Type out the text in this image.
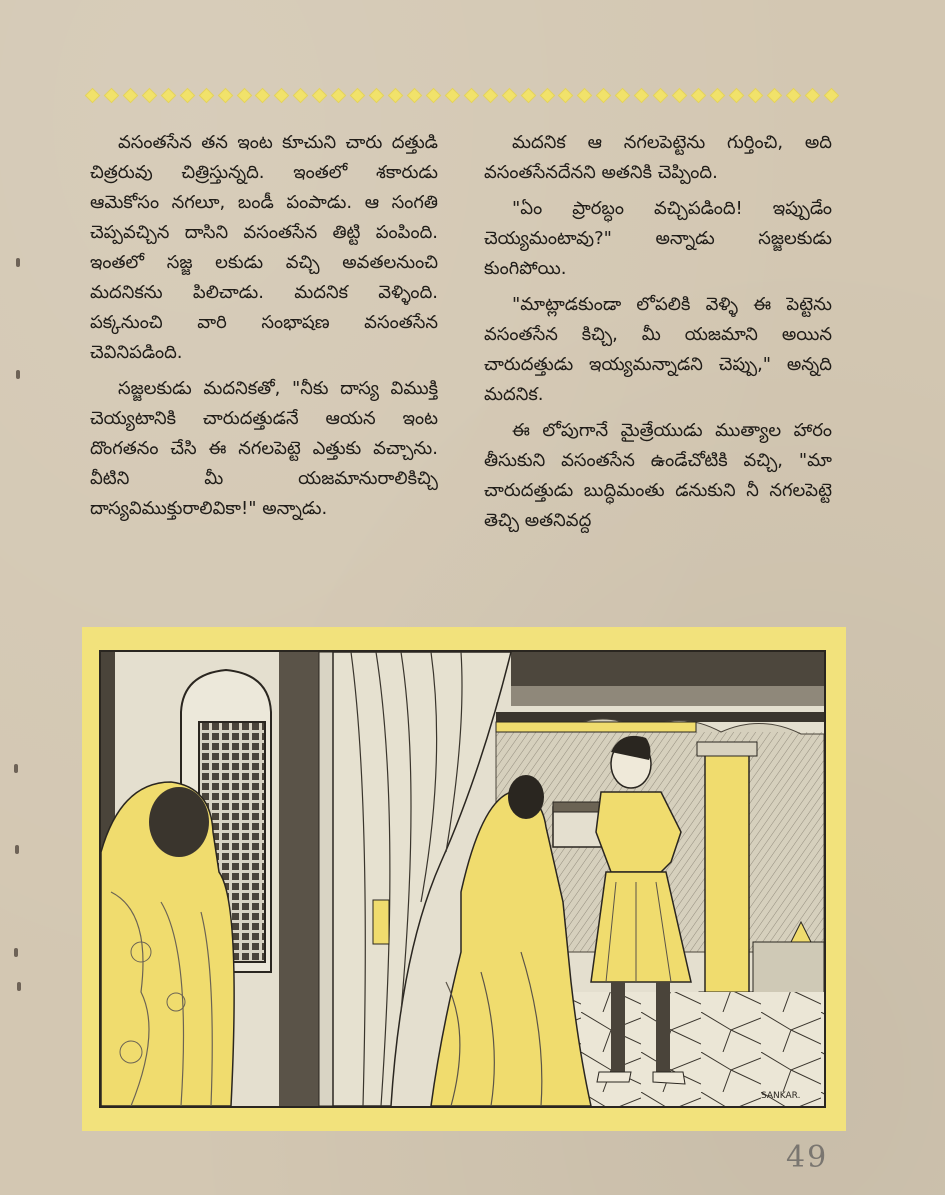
వసంతసేన తన ఇంట కూచుని చారు దత్తుడి చిత్రరువు చిత్రిస్తున్నది. ఇంతలో శకారుడు ఆమెకోసం నగలూ, బండీ పంపాడు. ఆ సంగతి చెప్పవచ్చిన దాసిని వసంతసేన తిట్టి పంపింది. ఇంతలో సజ్జ లకుడు వచ్చి అవతలనుంచి మదనికను పిలిచాడు. మదనిక వెళ్ళింది. పక్కనుంచి వారి సంభాషణ వసంతసేన చెవినిపడింది.

సజ్జలకుడు మదనికతో, "నీకు దాస్య విముక్తి చెయ్యటానికి చారుదత్తుడనే ఆయన ఇంట దొంగతనం చేసి ఈ నగలపెట్టె ఎత్తుకు వచ్చాను. వీటిని మీ యజమానురాలికిచ్చి దాస్యవిముక్తురాలివికా!" అన్నాడు.

మదనిక ఆ నగలపెట్టెను గుర్తించి, అది వసంతసేనదేనని అతనికి చెప్పింది.

"ఏం ప్రారబ్ధం వచ్చిపడింది! ఇప్పుడేం చెయ్యమంటావు?" అన్నాడు సజ్జలకుడు కుంగిపోయి.

"మాట్లాడకుండా లోపలికి వెళ్ళి ఈ పెట్టెను వసంతసేన కిచ్చి, మీ యజమాని అయిన చారుదత్తుడు ఇయ్యమన్నాడని చెప్పు," అన్నది మదనిక.

ఈ లోపుగానే మైత్రేయుడు ముత్యాల హారం తీసుకుని వసంతసేన ఉండేచోటికి వచ్చి, "మా చారుదత్తుడు బుద్ధిమంతు డనుకుని నీ నగలపెట్టె తెచ్చి అతనివద్ద

SANKAR.
49
